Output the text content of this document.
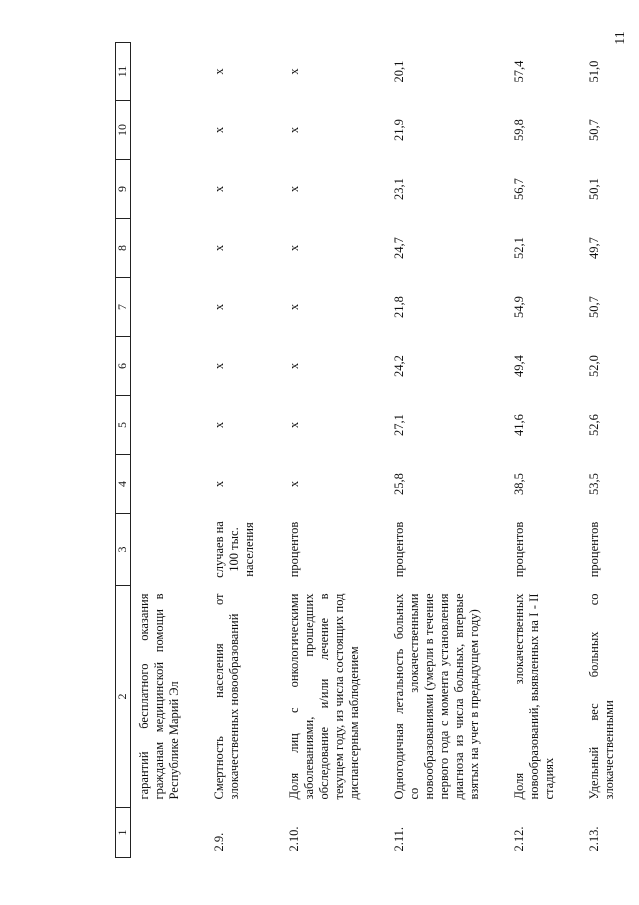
11
1	2	3	4	5	6	7	8	9	10	11
	гарантий бесплатного оказания гражданам медицинской помощи в Республике Марий Эл									
2.9.	Смертность населения от злокачественных новообразований	случаев на 100 тыс. населения	x	x	x	x	x	x	x	x
2.10.	Доля лиц с онкологическими заболеваниями, прошедших обследование и/или лечение в текущем году, из числа состоящих под диспансерным наблюдением	процентов	x	x	x	x	x	x	x	x
2.11.	Одногодичная летальность больных со злокачественными новообразованиями (умерли в течение первого года с момента установления диагноза из числа больных, впервые взятых на учет в предыдущем году)	процентов	25,8	27,1	24,2	21,8	24,7	23,1	21,9	20,1
2.12.	Доля злокачественных новообразований, выявленных на I - II стадиях	процентов	38,5	41,6	49,4	54,9	52,1	56,7	59,8	57,4
2.13.	Удельный вес больных со злокачественными	процентов	53,5	52,6	52,0	50,7	49,7	50,1	50,7	51,0
